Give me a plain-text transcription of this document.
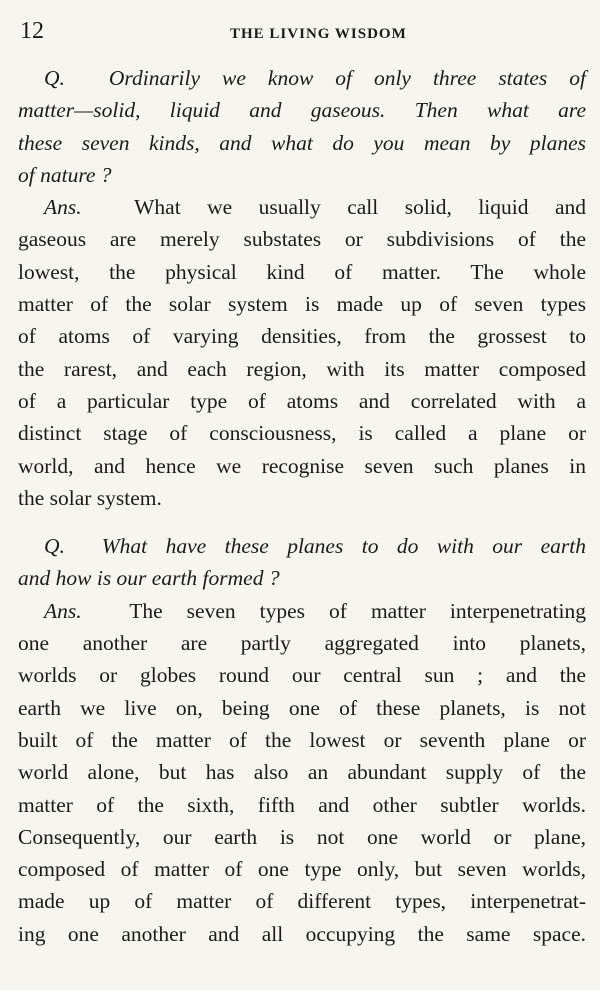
12	THE LIVING WISDOM
Q. Ordinarily we know of only three states of
matter—solid, liquid and gaseous. Then what are
these seven kinds, and what do you mean by planes
of nature ?
Ans. What we usually call solid, liquid and
gaseous are merely substates or subdivisions of the
lowest, the physical kind of matter. The whole
matter of the solar system is made up of seven types
of atoms of varying densities, from the grossest to
the rarest, and each region, with its matter composed
of a particular type of atoms and correlated with a
distinct stage of consciousness, is called a plane or
world, and hence we recognise seven such planes in
the solar system.
Q. What have these planes to do with our earth
and how is our earth formed ?
Ans. The seven types of matter interpenetrating
one another are partly aggregated into planets,
worlds or globes round our central sun ; and the
earth we live on, being one of these planets, is not
built of the matter of the lowest or seventh plane or
world alone, but has also an abundant supply of the
matter of the sixth, fifth and other subtler worlds.
Consequently, our earth is not one world or plane,
composed of matter of one type only, but seven worlds,
made up of matter of different types, interpenetrat-
ing one another and all occupying the same space.
